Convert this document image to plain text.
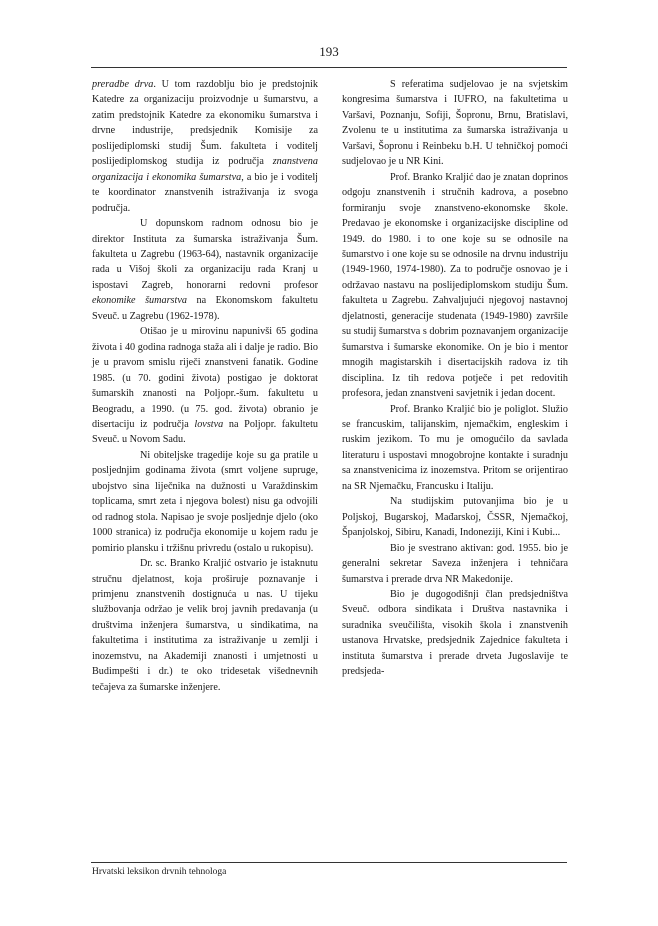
193

preradbe drva. U tom razdoblju bio je predstojnik Katedre za organizaciju proizvodnje u šumarstvu, a zatim predstojnik Katedre za ekonomiku šumarstva i drvne industrije, predsjednik Komisije za poslijediplomski studij Šum. fakulteta i voditelj poslijediplomskog studija iz područja znanstvena organizacija i ekonomika šumarstva, a bio je i voditelj te koordinator znanstvenih istraživanja iz svoga područja.

U dopunskom radnom odnosu bio je direktor Instituta za šumarska istraživanja Šum. fakulteta u Zagrebu (1963-64), nastavnik organizacije rada u Višoj školi za organizaciju rada Kranj u ispostavi Zagreb, honorarni redovni profesor ekonomike šumarstva na Ekonomskom fakultetu Sveuč. u Zagrebu (1962-1978).

Otišao je u mirovinu napunivši 65 godina života i 40 godina radnoga staža ali i dalje je radio. Bio je u pravom smislu riječi znanstveni fanatik. Godine 1985. (u 70. godini života) postigao je doktorat šumarskih znanosti na Poljopr.-šum. fakultetu u Beogradu, a 1990. (u 75. god. života) obranio je disertaciju iz područja lovstva na Poljopr. fakultetu Sveuč. u Novom Sadu.

Ni obiteljske tragedije koje su ga pratile u posljednjim godinama života (smrt voljene supruge, ubojstvo sina liječnika na dužnosti u Varaždinskim toplicama, smrt zeta i njegova bolest) nisu ga odvojili od radnog stola. Napisao je svoje posljednje djelo (oko 1000 stranica) iz područja ekonomije u kojem radu je pomirio plansku i tržišnu privredu (ostalo u rukopisu).

Dr. sc. Branko Kraljić ostvario je istaknutu stručnu djelatnost, koja proširuje poznavanje i primjenu znanstvenih dostignuća u nas. U tijeku službovanja održao je velik broj javnih predavanja (u društvima inženjera šumarstva, u sindikatima, na fakultetima i institutima za istraživanje u zemlji i inozemstvu, na Akademiji znanosti i umjetnosti u Budimpešti i dr.) te oko tridesetak višednevnih tečajeva za šumarske inženjere.

S referatima sudjelovao je na svjetskim kongresima šumarstva i IUFRO, na fakultetima u Varšavi, Poznanju, Sofiji, Šopronu, Brnu, Bratislavi, Zvolenu te u institutima za šumarska istraživanja u Varšavi, Šopronu i Reinbeku b.H. U tehničkoj pomoći sudjelovao je u NR Kini.

Prof. Branko Kraljić dao je znatan doprinos odgoju znanstvenih i stručnih kadrova, a posebno formiranju svoje znanstveno-ekonomske škole. Predavao je ekonomske i organizacijske discipline od 1949. do 1980. i to one koje su se odnosile na šumarstvo i one koje su se odnosile na drvnu industriju (1949-1960, 1974-1980). Za to područje osnovao je i održavao nastavu na poslijediplomskom studiju Šum. fakulteta u Zagrebu. Zahvaljujući njegovoj nastavnoj djelatnosti, generacije studenata (1949-1980) završile su studij šumarstva s dobrim poznavanjem organizacije šumarstva i šumarske ekonomike. On je bio i mentor mnogih magistarskih i disertacijskih radova iz tih disciplina. Iz tih redova potječe i pet redovitih profesora, jedan znanstveni savjetnik i jedan docent.

Prof. Branko Kraljić bio je poliglot. Služio se francuskim, talijanskim, njemačkim, engleskim i ruskim jezikom. To mu je omogućilo da savlada literaturu i uspostavi mnogobrojne kontakte i suradnju sa znanstvenicima iz inozemstva. Pritom se orijentirao na SR Njemačku, Francusku i Italiju.

Na studijskim putovanjima bio je u Poljskoj, Bugarskoj, Mađarskoj, ČSSR, Njemačkoj, Španjolskoj, Sibiru, Kanadi, Indoneziji, Kini i Kubi...

Bio je svestrano aktivan: god. 1955. bio je generalni sekretar Saveza inženjera i tehničara šumarstva i prerade drva NR Makedonije.

Bio je dugogodišnji član predsjedništva Sveuč. odbora sindikata i Društva nastavnika i suradnika sveučilišta, visokih škola i znanstvenih ustanova Hrvatske, predsjednik Zajednice fakulteta i instituta šumarstva i prerade drveta Jugoslavije te predsjeda-

Hrvatski leksikon drvnih tehnologa
